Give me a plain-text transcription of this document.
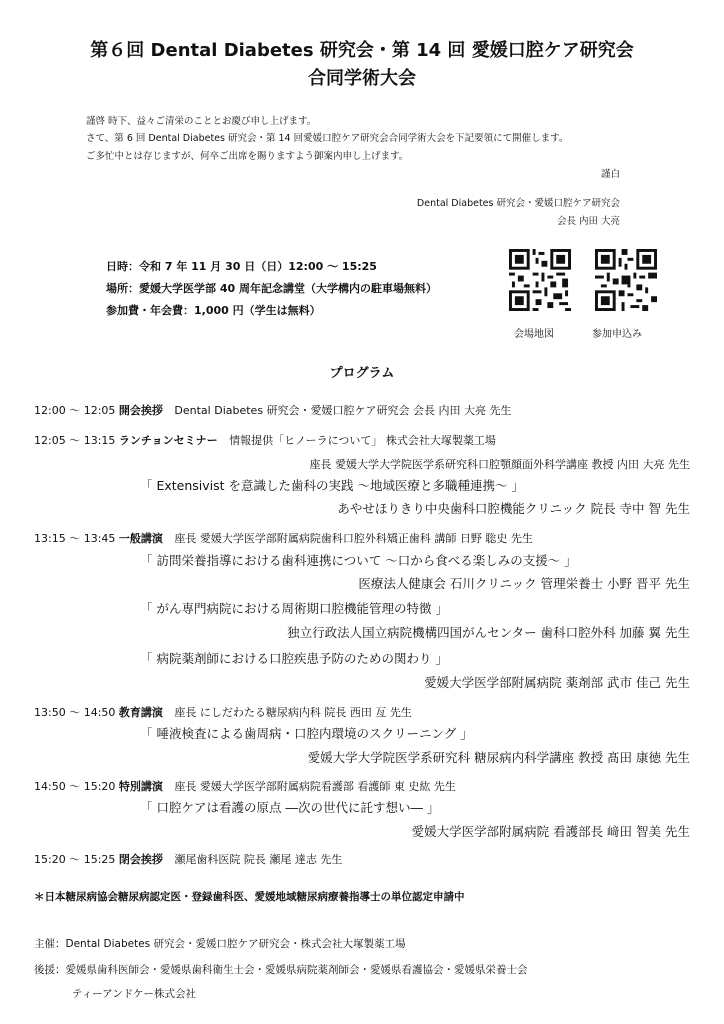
第６回 Dental Diabetes 研究会・第 14 回 愛媛口腔ケア研究会
合同学術大会
謹啓 時下、益々ご清栄のこととお慶び申し上げます。
さて、第 6 回 Dental Diabetes 研究会・第 14 回愛媛口腔ケア研究会合同学術大会を下記要領にて開催します。
ご多忙中とは存じますが、何卒ご出席を賜りますよう御案内申し上げます。
謹白
Dental Diabetes 研究会・愛媛口腔ケア研究会
会長 内田 大亮
日時：令和 7 年 11 月 30 日（日）12:00 ～ 15:25
場所：愛媛大学医学部 40 周年記念講堂（大学構内の駐車場無料）
参加費・年会費：1,000 円（学生は無料）
会場地図	参加申込み
プログラム
12:00 ～ 12:05 開会挨拶 Dental Diabetes 研究会・愛媛口腔ケア研究会 会長 内田 大亮 先生
12:05 ～ 13:15 ランチョンセミナー 情報提供「ヒノーラについて」 株式会社大塚製薬工場
座長 愛媛大学大学院医学系研究科口腔顎顔面外科学講座 教授 内田 大亮 先生
「 Extensivist を意識した歯科の実践 ～地域医療と多職種連携～ 」
あやせほりきり中央歯科口腔機能クリニック 院長 寺中 智 先生
13:15 ～ 13:45 一般講演 座長 愛媛大学医学部附属病院歯科口腔外科矯正歯科 講師 日野 聡史 先生
「 訪問栄養指導における歯科連携について ～口から食べる楽しみの支援～ 」
医療法人健康会 石川クリニック 管理栄養士 小野 晋平 先生
「 がん専門病院における周術期口腔機能管理の特徴 」
独立行政法人国立病院機構四国がんセンター 歯科口腔外科 加藤 翼 先生
「 病院薬剤師における口腔疾患予防のための関わり 」
愛媛大学医学部附属病院 薬剤部 武市 佳己 先生
13:50 ～ 14:50 教育講演 座長 にしだわたる糖尿病内科 院長 西田 亙 先生
「 唾液検査による歯周病・口腔内環境のスクリーニング 」
愛媛大学大学院医学系研究科 糖尿病内科学講座 教授 髙田 康徳 先生
14:50 ～ 15:20 特別講演 座長 愛媛大学医学部附属病院看護部 看護師 東 史紘 先生
「 口腔ケアは看護の原点 ―次の世代に託す想い― 」
愛媛大学医学部附属病院 看護部長 﨑田 智美 先生
15:20 ～ 15:25 閉会挨拶 瀬尾歯科医院 院長 瀬尾 達志 先生
＊日本糖尿病協会糖尿病認定医・登録歯科医、愛媛地域糖尿病療養指導士の単位認定申請中
主催：Dental Diabetes 研究会・愛媛口腔ケア研究会・株式会社大塚製薬工場
後援：愛媛県歯科医師会・愛媛県歯科衛生士会・愛媛県病院薬剤師会・愛媛県看護協会・愛媛県栄養士会
ティーアンドケー株式会社
